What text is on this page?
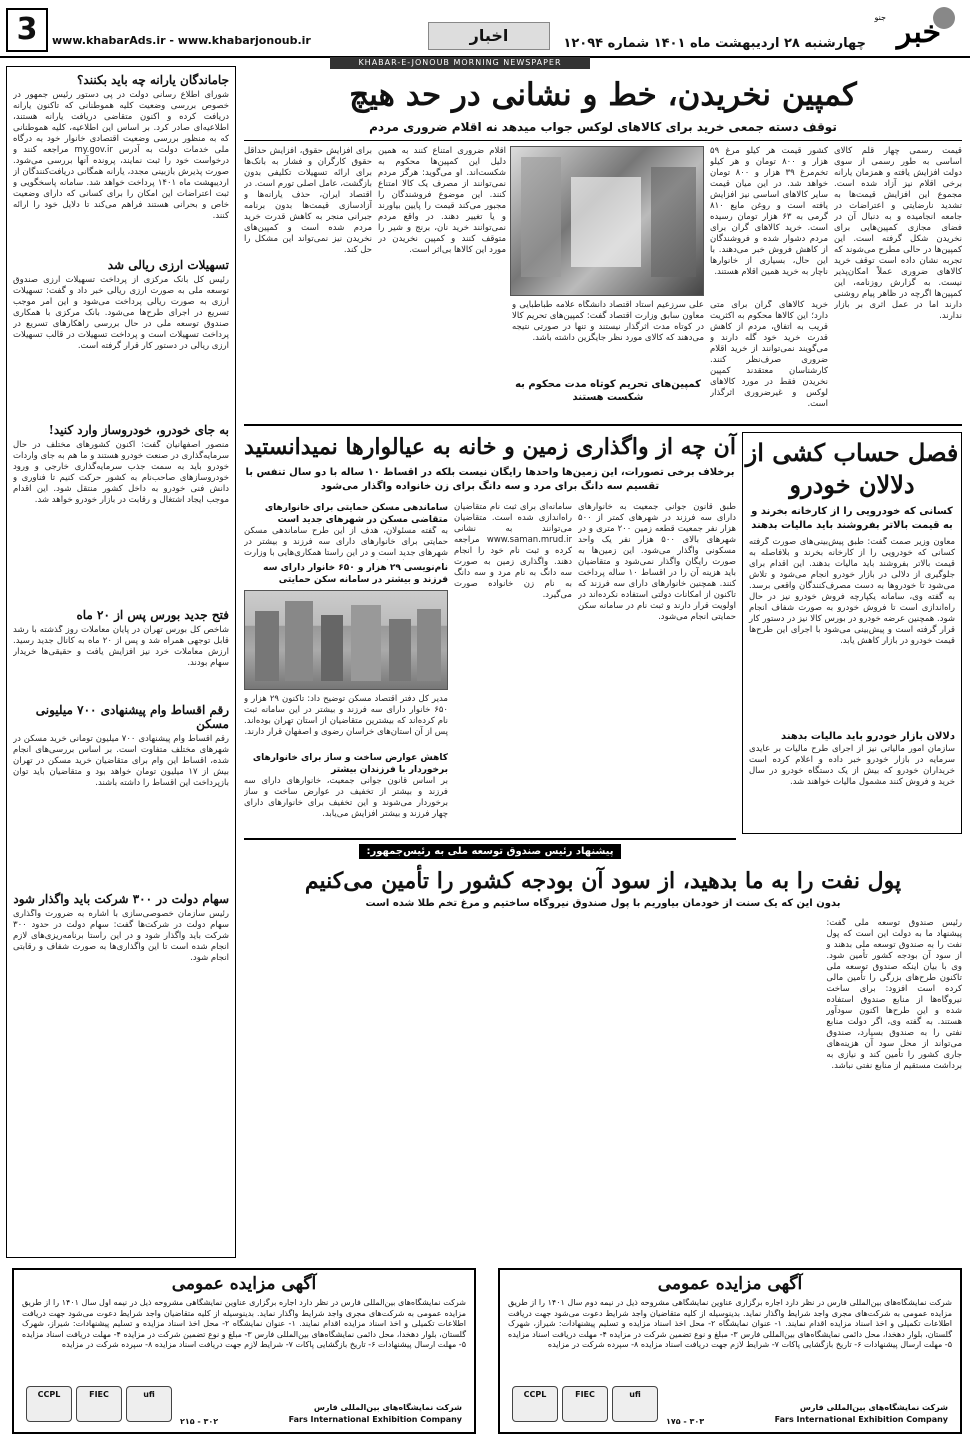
خبر
جنو
چهارشنبه ۲۸ اردیبهشت ماه ۱۴۰۱ شماره ۱۲۰۹۴
اخبار
www.khabarAds.ir - www.khabarjonoub.ir
3
KHABAR-E-JONOUB MORNING NEWSPAPER
جاماندگان یارانه چه باید بکنند؟
شورای اطلاع رسانی دولت در پی دستور رئیس جمهور در خصوص بررسی وضعیت کلیه هموطنانی که تاکنون یارانه دریافت کرده و اکنون متقاضی دریافت یارانه هستند، اطلاعیه‌ای صادر کرد. بر اساس این اطلاعیه، کلیه هموطنانی که به منظور بررسی وضعیت اقتصادی خانوار خود به درگاه ملی خدمات دولت به آدرس my.gov.ir مراجعه کنند و درخواست خود را ثبت نمایند، پرونده آنها بررسی می‌شود. صورت پذیرش بازبینی مجدد، یارانه همگانی دریافت‌کنندگان از اردیبهشت ماه ۱۴۰۱ پرداخت خواهد شد. سامانه پاسخگویی و ثبت اعتراضات این امکان را برای کسانی که دارای وضعیت خاص و بحرانی هستند فراهم می‌کند تا دلایل خود را ارائه کنند.
تسهیلات ارزی ریالی شد
رئیس کل بانک مرکزی از پرداخت تسهیلات ارزی صندوق توسعه ملی به صورت ارزی ریالی خبر داد و گفت: تسهیلات ارزی به صورت ریالی پرداخت می‌شود و این امر موجب تسریع در اجرای طرح‌ها می‌شود. بانک مرکزی با همکاری صندوق توسعه ملی در حال بررسی راهکارهای تسریع در پرداخت تسهیلات است و پرداخت تسهیلات در قالب تسهیلات ارزی ریالی در دستور کار قرار گرفته است.
به جای خودرو، خودروساز وارد کنید!
منصور اصفهانیان گفت: اکنون کشورهای مختلف در حال سرمایه‌گذاری در صنعت خودرو هستند و ما هم به جای واردات خودرو باید به سمت جذب سرمایه‌گذاری خارجی و ورود خودروسازهای صاحب‌نام به کشور حرکت کنیم تا فناوری و دانش فنی خودرو به داخل کشور منتقل شود. این اقدام موجب ایجاد اشتغال و رقابت در بازار خودرو خواهد شد.
فتح جدید بورس پس از ۲۰ ماه
شاخص کل بورس تهران در پایان معاملات روز گذشته با رشد قابل توجهی همراه شد و پس از ۲۰ ماه به کانال جدید رسید. ارزش معاملات خرد نیز افزایش یافت و حقیقی‌ها خریدار سهام بودند.
رقم اقساط وام پیشنهادی ۷۰۰ میلیونی مسکن
رقم اقساط وام پیشنهادی ۷۰۰ میلیون تومانی خرید مسکن در شهرهای مختلف متفاوت است. بر اساس بررسی‌های انجام شده، اقساط این وام برای متقاضیان خرید مسکن در تهران بیش از ۱۷ میلیون تومان خواهد بود و متقاضیان باید توان بازپرداخت این اقساط را داشته باشند.
سهام دولت در ۳۰۰ شرکت باید واگذار شود
رئیس سازمان خصوصی‌سازی با اشاره به ضرورت واگذاری سهام دولت در شرکت‌ها گفت: سهام دولت در حدود ۳۰۰ شرکت باید واگذار شود و در این راستا برنامه‌ریزی‌های لازم انجام شده است تا این واگذاری‌ها به صورت شفاف و رقابتی انجام شود.
کمپین نخریدن، خط و نشانی در حد هیچ
توقف دسته جمعی خرید برای کالاهای لوکس جواب میدهد نه اقلام ضروری مردم
قیمت رسمی چهار قلم کالای اساسی به طور رسمی از سوی دولت افزایش یافته و همزمان یارانه برخی اقلام نیز آزاد شده است. مجموع این افزایش قیمت‌ها به تشدید نارضایتی و اعتراضات در جامعه انجامیده و به دنبال آن در فضای مجازی کمپین‌هایی برای نخریدن شکل گرفته است. این کمپین‌ها در حالی مطرح می‌شوند که تجربه نشان داده است توقف خرید کالاهای ضروری عملاً امکان‌پذیر نیست. به گزارش روزنامه، این کمپین‌ها اگرچه در ظاهر پیام روشنی دارند اما در عمل اثری بر بازار ندارند.
کشور قیمت هر کیلو مرغ ۵۹ هزار و ۸۰۰ تومان و هر کیلو تخم‌مرغ ۳۹ هزار و ۸۰۰ تومان خواهد شد. در این میان قیمت سایر کالاهای اساسی نیز افزایش یافته است و روغن مایع ۸۱۰ گرمی به ۶۳ هزار تومان رسیده است. خرید کالاهای گران برای مردم دشوار شده و فروشندگان از کاهش فروش خبر می‌دهند. با این حال، بسیاری از خانوارها ناچار به خرید همین اقلام هستند.
خرید کالاهای گران برای متی دارد؛ این کالاها محکوم به اکثریت قریب به اتفاق، مردم از کاهش قدرت خرید خود گله دارند و می‌گویند نمی‌توانند از خرید اقلام ضروری صرف‌نظر کنند. کارشناسان معتقدند کمپین نخریدن فقط در مورد کالاهای لوکس و غیرضروری اثرگذار است.
علی سرزعیم استاد اقتصاد دانشگاه علامه طباطبایی و معاون سابق وزارت اقتصاد گفت: کمپین‌های تحریم کالا در کوتاه مدت اثرگذار نیستند و تنها در صورتی نتیجه می‌دهند که کالای مورد نظر جایگزین داشته باشد.
کمپین‌های تحریم کوتاه مدت محکوم به شکست هستند
اقلام ضروری امتناع کنند به همین دلیل این کمپین‌ها محکوم به شکست‌اند. او می‌گوید: هرگز مردم نمی‌توانند از مصرف یک کالا امتناع کنند. این موضوع فروشندگان را مجبور می‌کند قیمت را پایین بیاورند و یا تغییر دهند. در واقع مردم نمی‌توانند خرید نان، برنج و شیر را متوقف کنند و کمپین نخریدن در مورد این کالاها بی‌اثر است.
برای افزایش حقوق، افزایش حداقل حقوق کارگران و فشار به بانک‌ها برای ارائه تسهیلات تکلیفی بدون بازگشت، عامل اصلی تورم است. در اقتصاد ایران، حذف یارانه‌ها و آزادسازی قیمت‌ها بدون برنامه جبرانی منجر به کاهش قدرت خرید مردم شده است و کمپین‌های نخریدن نیز نمی‌تواند این مشکل را حل کند.
فصل حساب کشی از دلالان خودرو
کسانی که خودرویی را از کارخانه بخرند و به قیمت بالاتر بفروشند باید مالیات بدهند
معاون وزیر صمت گفت: طبق پیش‌بینی‌های صورت گرفته کسانی که خودرویی را از کارخانه بخرند و بلافاصله به قیمت بالاتر بفروشند باید مالیات بدهند. این اقدام برای جلوگیری از دلالی در بازار خودرو انجام می‌شود و تلاش می‌شود تا خودروها به دست مصرف‌کنندگان واقعی برسد. به گفته وی، سامانه یکپارچه فروش خودرو نیز در حال راه‌اندازی است تا فروش خودرو به صورت شفاف انجام شود. همچنین عرضه خودرو در بورس کالا نیز در دستور کار قرار گرفته است و پیش‌بینی می‌شود با اجرای این طرح‌ها قیمت خودرو در بازار کاهش یابد.
دلالان بازار خودرو باید مالیات بدهند
سازمان امور مالیاتی نیز از اجرای طرح مالیات بر عایدی سرمایه در بازار خودرو خبر داده و اعلام کرده است خریداران خودرو که بیش از یک دستگاه خودرو در سال خرید و فروش کنند مشمول مالیات خواهند شد.
آن چه از واگذاری زمین و خانه به عیالوارها نمیدانستید
برخلاف برخی تصورات، این زمین‌ها واحدها رایگان نیست بلکه در اقساط ۱۰ ساله با دو سال تنفس با تقسیم سه دانگ برای مرد و سه دانگ برای زن خانواده واگذار می‌شود
طبق قانون جوانی جمعیت به خانوارهای دارای سه فرزند در شهرهای کمتر از ۵۰۰ هزار نفر جمعیت قطعه زمین ۲۰۰ متری و در شهرهای بالای ۵۰۰ هزار نفر یک واحد مسکونی واگذار می‌شود. این زمین‌ها به صورت رایگان واگذار نمی‌شود و متقاضیان باید هزینه آن را در اقساط ۱۰ ساله پرداخت کنند. همچنین خانوارهای دارای سه فرزند که تاکنون از امکانات دولتی استفاده نکرده‌اند در اولویت قرار دارند و ثبت نام در سامانه سکن حمایتی انجام می‌شود.
سامانه‌ای برای ثبت نام متقاضیان راه‌اندازی شده است. متقاضیان می‌توانند به نشانی www.saman.mrud.ir مراجعه کرده و ثبت نام خود را انجام دهند. واگذاری زمین به صورت سه دانگ به نام مرد و سه دانگ به نام زن خانواده صورت می‌گیرد.
ساماندهی مسکن حمایتی برای خانوارهای متقاضی مسکن در شهرهای جدید است
به گفته مسئولان، هدف از این طرح ساماندهی مسکن حمایتی برای خانوارهای دارای سه فرزند و بیشتر در شهرهای جدید است و در این راستا همکاری‌هایی با وزارت
نام‌نویسی ۲۹ هزار و ۶۵۰ خانوار دارای سه فرزند و بیشتر در سامانه سکن حمایتی
مدیر کل دفتر اقتصاد مسکن توضیح داد: تاکنون ۲۹ هزار و ۶۵۰ خانوار دارای سه فرزند و بیشتر در این سامانه ثبت نام کرده‌اند که بیشترین متقاضیان از استان تهران بوده‌اند. پس از آن استان‌های خراسان رضوی و اصفهان قرار دارند.
کاهش عوارض ساخت و ساز برای خانوارهای برخوردار با فرزندان بیشتر
بر اساس قانون جوانی جمعیت، خانوارهای دارای سه فرزند و بیشتر از تخفیف در عوارض ساخت و ساز برخوردار می‌شوند و این تخفیف برای خانوارهای دارای چهار فرزند و بیشتر افزایش می‌یابد.
پیشنهاد رئیس صندوق توسعه ملی به رئیس‌جمهور:
پول نفت را به ما بدهید، از سود آن بودجه کشور را تأمین می‌کنیم
بدون این که یک سنت از خودمان بیاوریم با پول صندوق نیروگاه ساختیم و مرغ تخم طلا شده است
رئیس صندوق توسعه ملی گفت: پیشنهاد ما به دولت این است که پول نفت را به صندوق توسعه ملی بدهند و از سود آن بودجه کشور تأمین شود. وی با بیان اینکه صندوق توسعه ملی تاکنون طرح‌های بزرگی را تأمین مالی کرده است افزود: برای ساخت نیروگاه‌ها از منابع صندوق استفاده شده و این طرح‌ها اکنون سودآور هستند. به گفته وی، اگر دولت منابع نفتی را به صندوق بسپارد، صندوق می‌تواند از محل سود آن هزینه‌های جاری کشور را تأمین کند و نیازی به برداشت مستقیم از منابع نفتی نباشد.
آگهی مزایده عمومی
شرکت نمایشگاه‌های بین‌المللی فارس در نظر دارد اجاره برگزاری عناوین نمایشگاهی مشروحه ذیل در نیمه دوم سال ۱۴۰۱ را از طریق مزایده عمومی به شرکت‌های مجری واجد شرایط واگذار نماید. بدینوسیله از کلیه متقاضیان واجد شرایط دعوت می‌شود جهت دریافت اطلاعات تکمیلی و اخذ اسناد مزایده اقدام نمایند. ۱- عنوان نمایشگاه ۲- محل اخذ اسناد مزایده و تسلیم پیشنهادات: شیراز، شهرک گلستان، بلوار دهخدا، محل دائمی نمایشگاه‌های بین‌المللی فارس ۳- مبلغ و نوع تضمین شرکت در مزایده ۴- مهلت دریافت اسناد مزایده ۵- مهلت ارسال پیشنهادات ۶- تاریخ بازگشایی پاکات ۷- شرایط لازم جهت دریافت اسناد مزایده ۸- سپرده شرکت در مزایده
CCPL	FIEC	ufi
شرکت نمایشگاه‌های بین‌المللی فارس
Fars International Exhibition Company
۱۷۵ - ۳۰۳
آگهی مزایده عمومی
شرکت نمایشگاه‌های بین‌المللی فارس در نظر دارد اجاره برگزاری عناوین نمایشگاهی مشروحه ذیل در نیمه اول سال ۱۴۰۱ را از طریق مزایده عمومی به شرکت‌های مجری واجد شرایط واگذار نماید. بدینوسیله از کلیه متقاضیان واجد شرایط دعوت می‌شود جهت دریافت اطلاعات تکمیلی و اخذ اسناد مزایده اقدام نمایند. ۱- عنوان نمایشگاه ۲- محل اخذ اسناد مزایده و تسلیم پیشنهادات: شیراز، شهرک گلستان، بلوار دهخدا، محل دائمی نمایشگاه‌های بین‌المللی فارس ۳- مبلغ و نوع تضمین شرکت در مزایده ۴- مهلت دریافت اسناد مزایده ۵- مهلت ارسال پیشنهادات ۶- تاریخ بازگشایی پاکات ۷- شرایط لازم جهت دریافت اسناد مزایده ۸- سپرده شرکت در مزایده
CCPL	FIEC	ufi
شرکت نمایشگاه‌های بین‌المللی فارس
Fars International Exhibition Company
۲۱۵ - ۳۰۲
